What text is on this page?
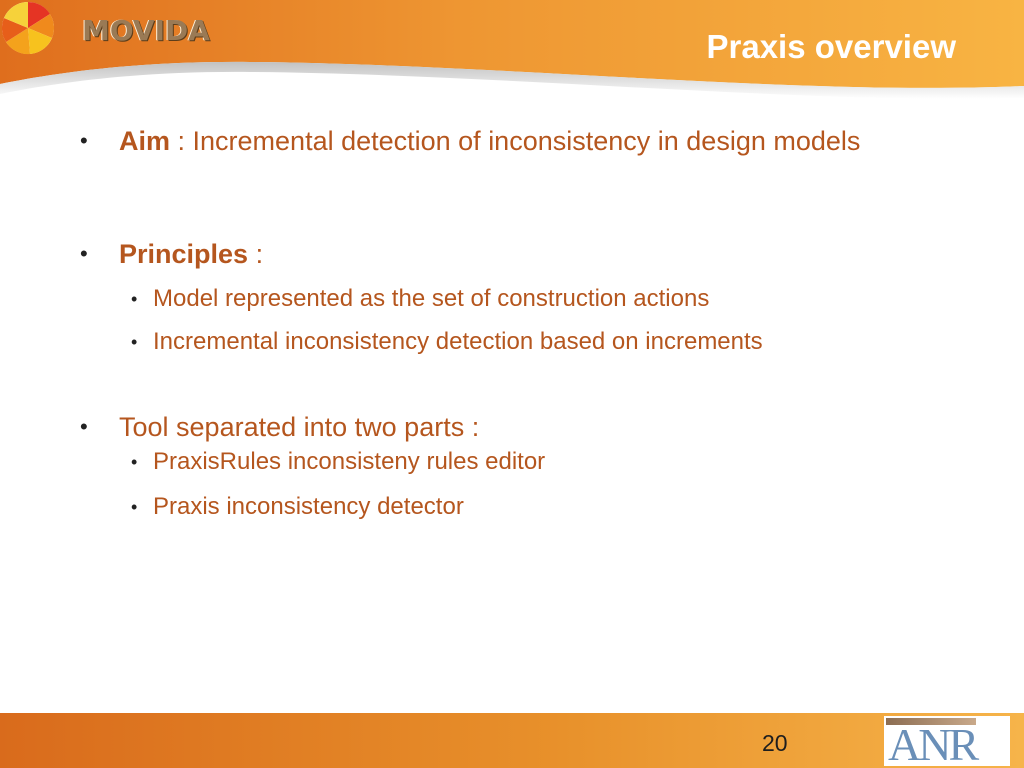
MOVIDA	Praxis overview
• Aim : Incremental detection of inconsistency in design models
• Principles :
• Model represented as the set of construction actions
• Incremental inconsistency detection based on increments
• Tool separated into two parts :
• PraxisRules inconsisteny rules editor
• Praxis inconsistency detector
20 ANR
